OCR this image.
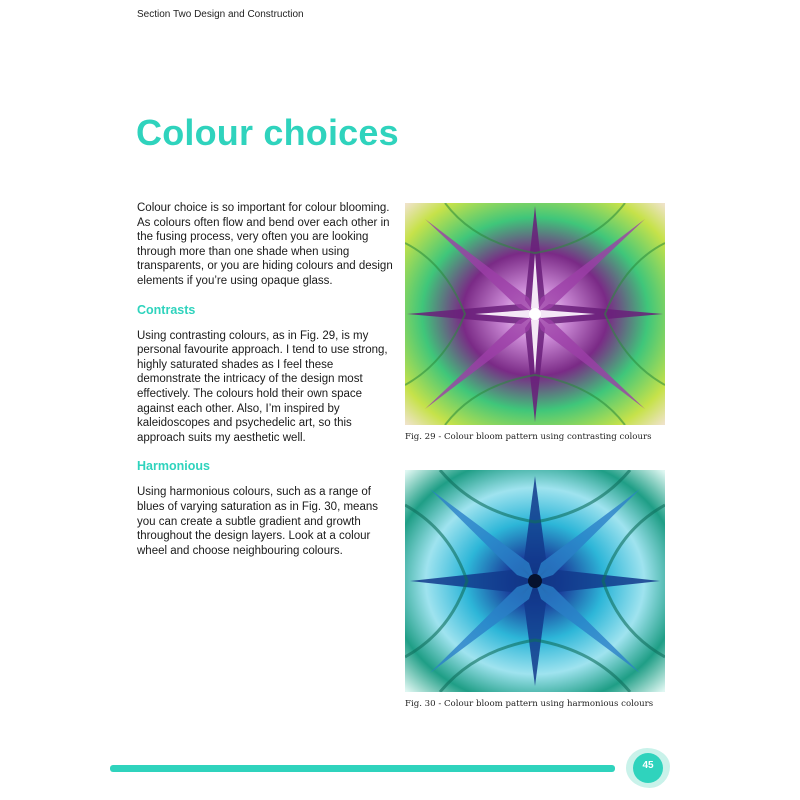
Section Two Design and Construction
Colour choices

Colour choice is so important for colour blooming. As colours often flow and bend over each other in the fusing process, very often you are looking through more than one shade when using transparents, or you are hiding colours and design elements if you’re using opaque glass.

Contrasts

Using contrasting colours, as in Fig. 29, is my personal favourite approach. I tend to use strong, highly saturated shades as I feel these demonstrate the intricacy of the design most effectively. The colours hold their own space against each other. Also, I’m inspired by kaleidoscopes and psychedelic art, so this approach suits my aesthetic well.

Harmonious

Using harmonious colours, such as a range of blues of varying saturation as in Fig. 30, means you can create a subtle gradient and growth throughout the design layers. Look at a colour wheel and choose neighbouring colours.

Fig. 29 - Colour bloom pattern using contrasting colours
Fig. 30 - Colour bloom pattern using harmonious colours
45
